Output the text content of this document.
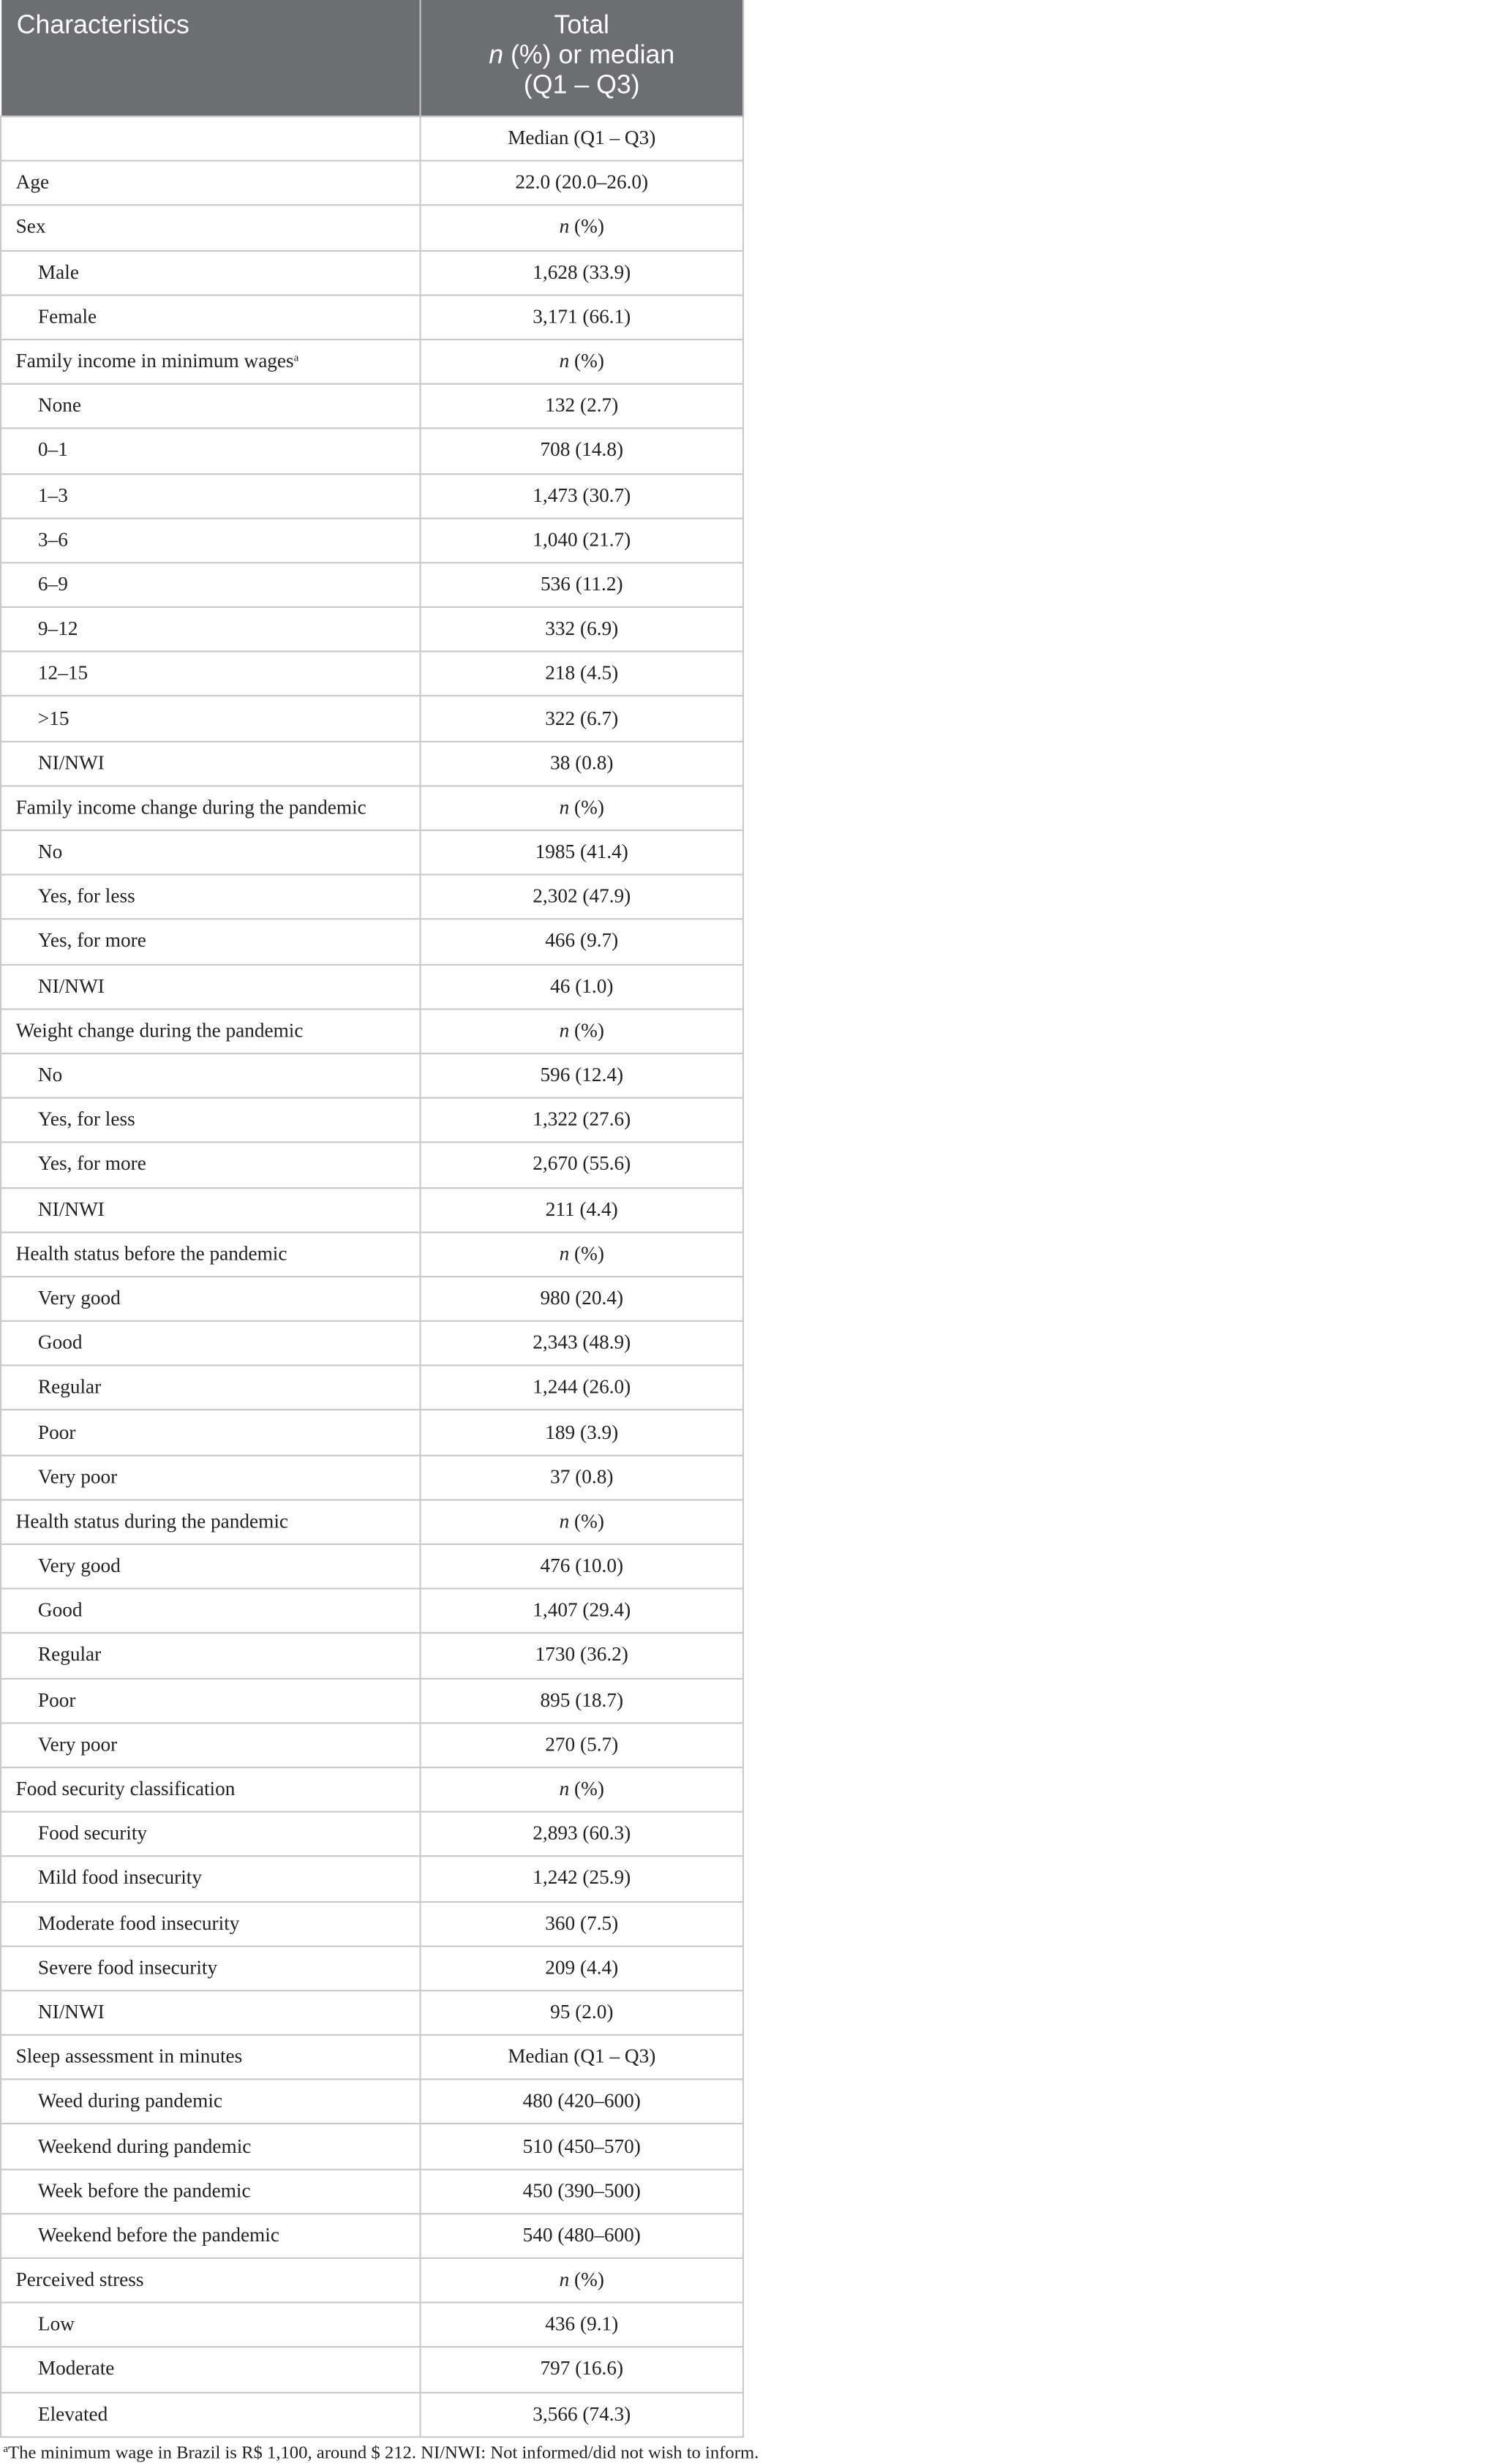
Characteristics	Total
n (%) or median
(Q1 – Q3)
	Median (Q1 – Q3)
Age	22.0 (20.0–26.0)
Sex	n (%)
Male	1,628 (33.9)
Female	3,171 (66.1)
Family income in minimum wages$^a$	n (%)
None	132 (2.7)
0–1	708 (14.8)
1–3	1,473 (30.7)
3–6	1,040 (21.7)
6–9	536 (11.2)
9–12	332 (6.9)
12–15	218 (4.5)
>15	322 (6.7)
NI/NWI	38 (0.8)
Family income change during the pandemic	n (%)
No	1985 (41.4)
Yes, for less	2,302 (47.9)
Yes, for more	466 (9.7)
NI/NWI	46 (1.0)
Weight change during the pandemic	n (%)
No	596 (12.4)
Yes, for less	1,322 (27.6)
Yes, for more	2,670 (55.6)
NI/NWI	211 (4.4)
Health status before the pandemic	n (%)
Very good	980 (20.4)
Good	2,343 (48.9)
Regular	1,244 (26.0)
Poor	189 (3.9)
Very poor	37 (0.8)
Health status during the pandemic	n (%)
Very good	476 (10.0)
Good	1,407 (29.4)
Regular	1730 (36.2)
Poor	895 (18.7)
Very poor	270 (5.7)
Food security classification	n (%)
Food security	2,893 (60.3)
Mild food insecurity	1,242 (25.9)
Moderate food insecurity	360 (7.5)
Severe food insecurity	209 (4.4)
NI/NWI	95 (2.0)
Sleep assessment in minutes	Median (Q1 – Q3)
Weed during pandemic	480 (420–600)
Weekend during pandemic	510 (450–570)
Week before the pandemic	450 (390–500)
Weekend before the pandemic	540 (480–600)
Perceived stress	n (%)
Low	436 (9.1)
Moderate	797 (16.6)
Elevated	3,566 (74.3)
$^a$The minimum wage in Brazil is R$ 1,100, around $ 212. NI/NWI: Not informed/did not wish to inform.
